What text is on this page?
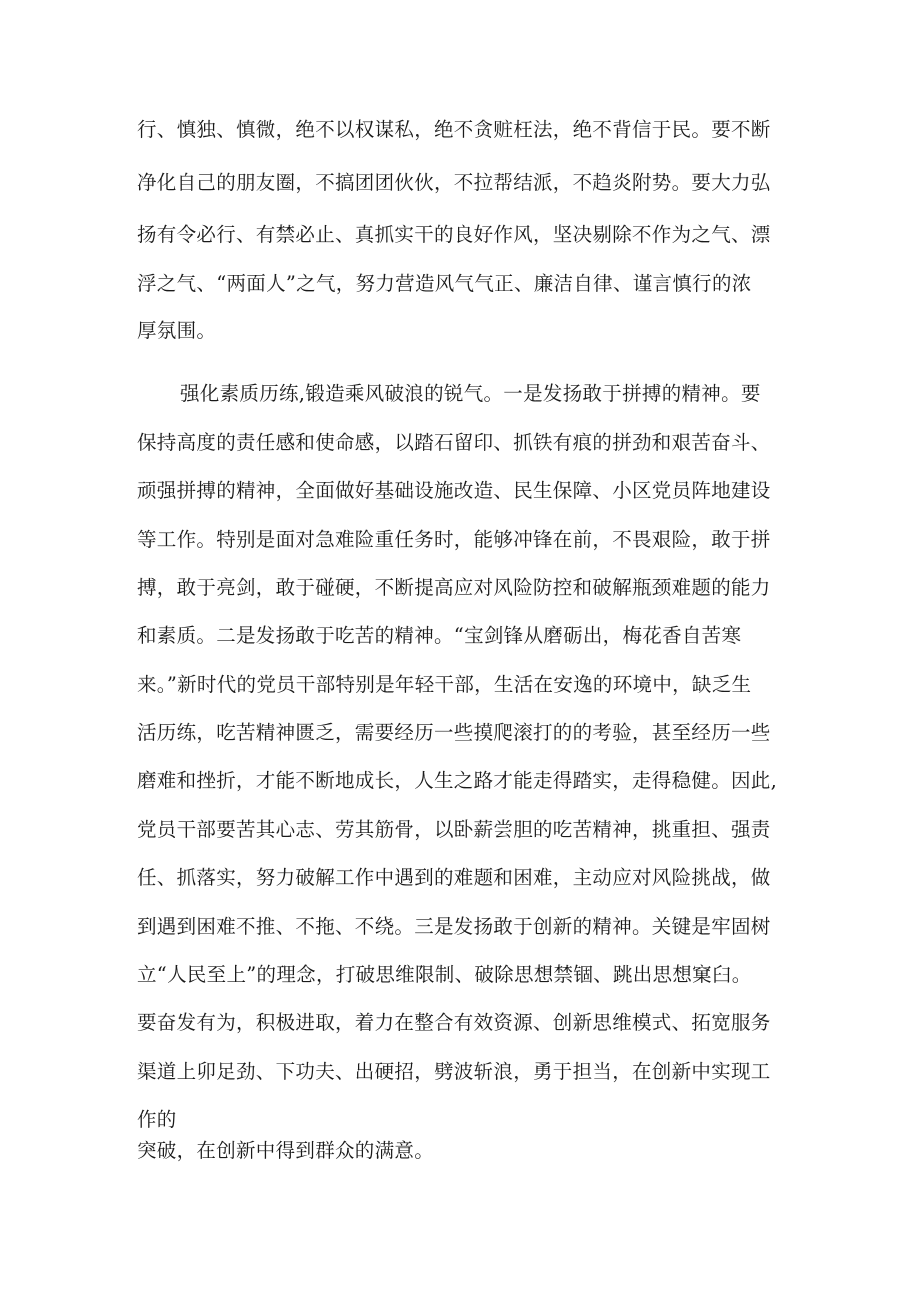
行、慎独、慎微，绝不以权谋私，绝不贪赃枉法，绝不背信于民。要不断
净化自己的朋友圈，不搞团团伙伙，不拉帮结派，不趋炎附势。要大力弘
扬有令必行、有禁必止、真抓实干的良好作风，坚决剔除不作为之气、漂
浮之气、“两面人”之气，努力营造风气气正、廉洁自律、谨言慎行的浓
厚氛围。
强化素质历练,锻造乘风破浪的锐气。一是发扬敢于拼搏的精神。要
保持高度的责任感和使命感，以踏石留印、抓铁有痕的拼劲和艰苦奋斗、
顽强拼搏的精神，全面做好基础设施改造、民生保障、小区党员阵地建设
等工作。特别是面对急难险重任务时，能够冲锋在前，不畏艰险，敢于拼
搏，敢于亮剑，敢于碰硬，不断提高应对风险防控和破解瓶颈难题的能力
和素质。二是发扬敢于吃苦的精神。“宝剑锋从磨砺出，梅花香自苦寒
来。”新时代的党员干部特别是年轻干部，生活在安逸的环境中，缺乏生
活历练，吃苦精神匮乏，需要经历一些摸爬滚打的的考验，甚至经历一些
磨难和挫折，才能不断地成长，人生之路才能走得踏实，走得稳健。因此,
党员干部要苦其心志、劳其筋骨，以卧薪尝胆的吃苦精神，挑重担、强责
任、抓落实，努力破解工作中遇到的难题和困难，主动应对风险挑战，做
到遇到困难不推、不拖、不绕。三是发扬敢于创新的精神。关键是牢固树
立“人民至上”的理念，打破思维限制、破除思想禁锢、跳出思想窠臼。
要奋发有为，积极进取，着力在整合有效资源、创新思维模式、拓宽服务
渠道上卯足劲、下功夫、出硬招，劈波斩浪，勇于担当，在创新中实现工
作的
突破，在创新中得到群众的满意。
